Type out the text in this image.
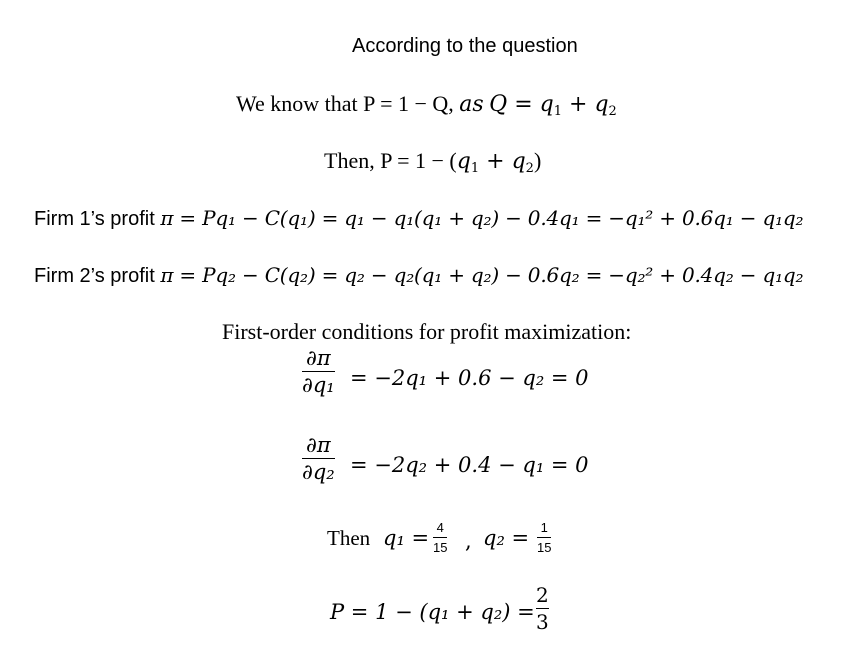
According to the question
We know that P = 1 − Q, as $Q = q_1 + q_2$
Then, $P = 1 - (q_1 + q_2)$
Firm 1’s profit π = Pq₁ − C(q₁) = q₁ − q₁(q₁ + q₂) − 0.4q₁ = −q₁² + 0.6q₁ − q₁q₂
Firm 2’s profit π = Pq₂ − C(q₂) = q₂ − q₂(q₁ + q₂) − 0.6q₂ = −q₂² + 0.4q₂ − q₁q₂
First-order conditions for profit maximization:
∂π
∂q₁ = −2q₁ + 0.6 − q₂ = 0
∂π
∂q₂ = −2q₂ + 0.4 − q₁ = 0
Then q₁ = 4
15 , q₂ = 1
15
P = 1 − (q₁ + q₂) =
2
3
